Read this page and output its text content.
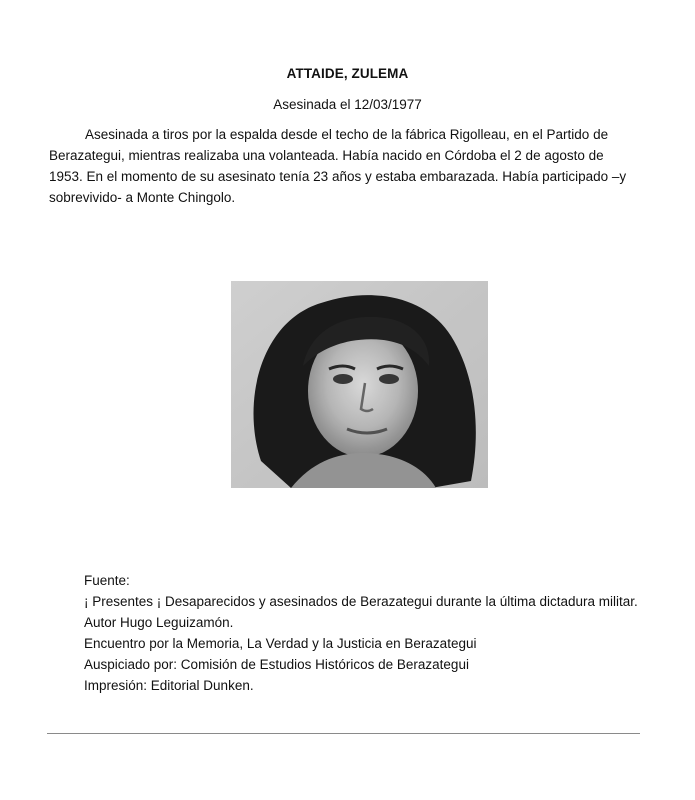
ATTAIDE, ZULEMA
Asesinada el 12/03/1977

Asesinada a tiros por la espalda desde el techo de la fábrica Rigolleau, en el Partido de Berazategui, mientras realizaba una volanteada. Había nacido en Córdoba el 2 de agosto de 1953. En el momento de su asesinato tenía 23 años y estaba embarazada. Había participado –y sobrevivido- a Monte Chingolo.

Fuente:
¡ Presentes ¡ Desaparecidos y asesinados de Berazategui durante la última dictadura militar.
Autor Hugo Leguizamón.
Encuentro por la Memoria, La Verdad y la Justicia en Berazategui
Auspiciado por: Comisión de Estudios Históricos de Berazategui
Impresión: Editorial Dunken.
